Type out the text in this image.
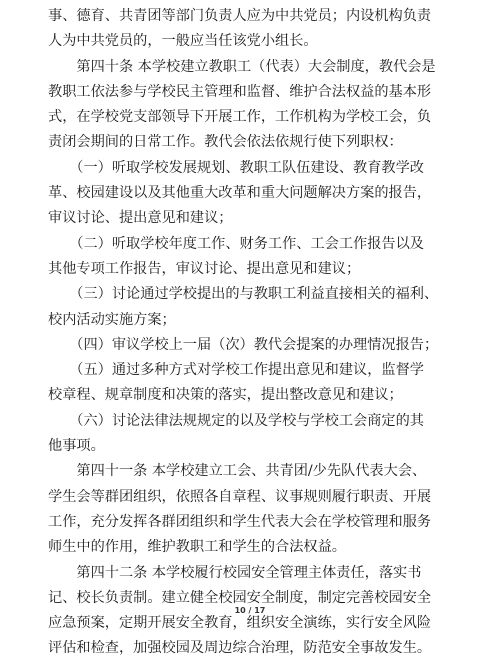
事、德育、共青团等部门负责人应为中共党员；内设机构负责
人为中共党员的，一般应当任该党小组长。
　　第四十条 本学校建立教职工（代表）大会制度，教代会是
教职工依法参与学校民主管理和监督、维护合法权益的基本形
式，在学校党支部领导下开展工作，工作机构为学校工会，负
责闭会期间的日常工作。教代会依法依规行使下列职权：
　　（一）听取学校发展规划、教职工队伍建设、教育教学改
革、校园建设以及其他重大改革和重大问题解决方案的报告，
审议讨论、提出意见和建议；
　　（二）听取学校年度工作、财务工作、工会工作报告以及
其他专项工作报告，审议讨论、提出意见和建议；
　　（三）讨论通过学校提出的与教职工利益直接相关的福利、
校内活动实施方案；
　　（四）审议学校上一届（次）教代会提案的办理情况报告；
　　（五）通过多种方式对学校工作提出意见和建议，监督学
校章程、规章制度和决策的落实，提出整改意见和建议；
　　（六）讨论法律法规规定的以及学校与学校工会商定的其
他事项。
　　第四十一条 本学校建立工会、共青团/少先队代表大会、
学生会等群团组织，依照各自章程、议事规则履行职责、开展
工作，充分发挥各群团组织和学生代表大会在学校管理和服务
师生中的作用，维护教职工和学生的合法权益。
　　第四十二条 本学校履行校园安全管理主体责任，落实书
记、校长负责制。建立健全校园安全制度，制定完善校园安全
应急预案，定期开展安全教育，组织安全演练，实行安全风险
评估和检查，加强校园及周边综合治理，防范安全事故发生。
10 / 17
